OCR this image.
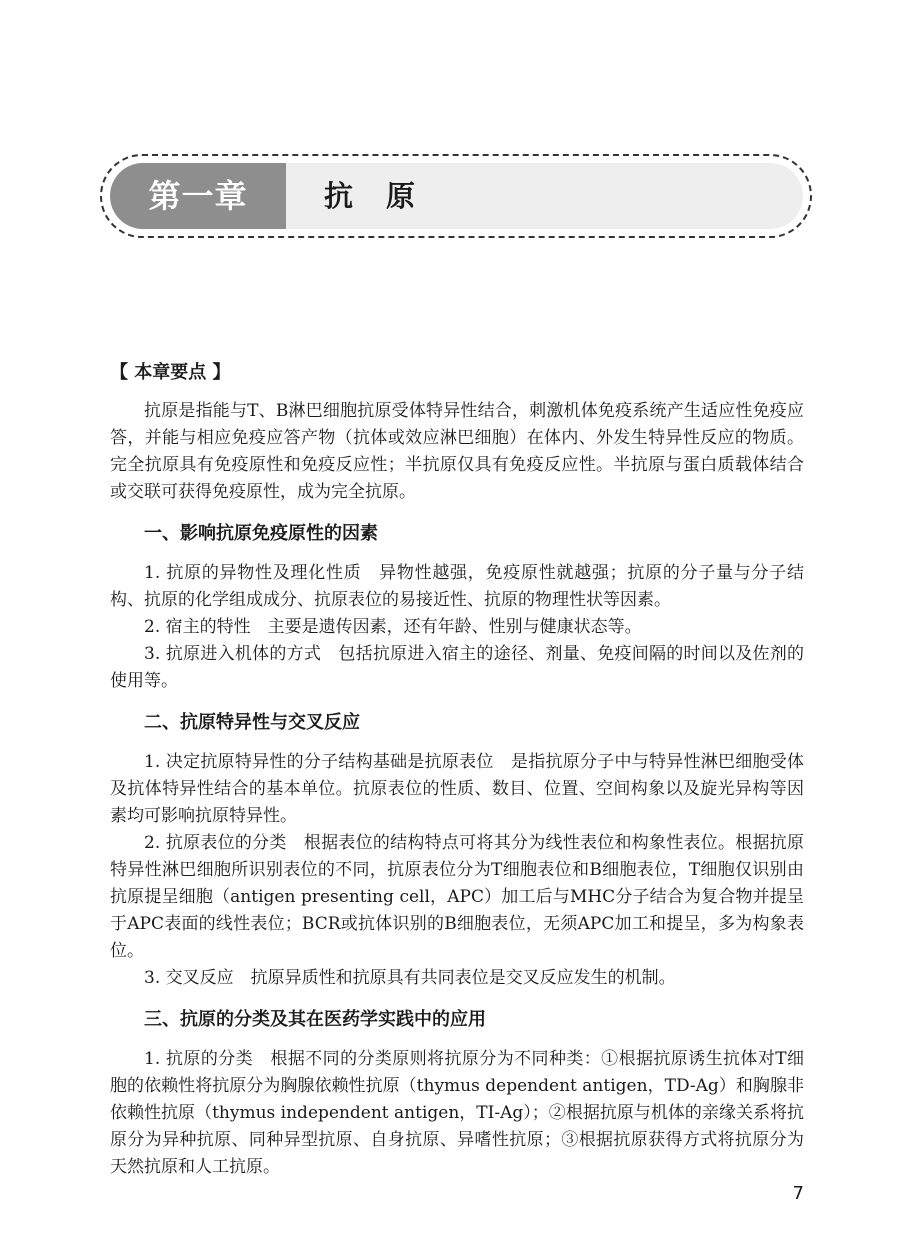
第一章	抗　原
【 本章要点 】

抗原是指能与T、B淋巴细胞抗原受体特异性结合，刺激机体免疫系统产生适应性免疫应答，并能与相应免疫应答产物（抗体或效应淋巴细胞）在体内、外发生特异性反应的物质。完全抗原具有免疫原性和免疫反应性；半抗原仅具有免疫反应性。半抗原与蛋白质载体结合或交联可获得免疫原性，成为完全抗原。

一、影响抗原免疫原性的因素

1. 抗原的异物性及理化性质　异物性越强，免疫原性就越强；抗原的分子量与分子结构、抗原的化学组成成分、抗原表位的易接近性、抗原的物理性状等因素。

2. 宿主的特性　主要是遗传因素，还有年龄、性别与健康状态等。

3. 抗原进入机体的方式　包括抗原进入宿主的途径、剂量、免疫间隔的时间以及佐剂的使用等。

二、抗原特异性与交叉反应

1. 决定抗原特异性的分子结构基础是抗原表位　是指抗原分子中与特异性淋巴细胞受体及抗体特异性结合的基本单位。抗原表位的性质、数目、位置、空间构象以及旋光异构等因素均可影响抗原特异性。

2. 抗原表位的分类　根据表位的结构特点可将其分为线性表位和构象性表位。根据抗原特异性淋巴细胞所识别表位的不同，抗原表位分为T细胞表位和B细胞表位，T细胞仅识别由抗原提呈细胞（antigen presenting cell，APC）加工后与MHC分子结合为复合物并提呈于APC表面的线性表位；BCR或抗体识别的B细胞表位，无须APC加工和提呈，多为构象表位。

3. 交叉反应　抗原异质性和抗原具有共同表位是交叉反应发生的机制。

三、抗原的分类及其在医药学实践中的应用

1. 抗原的分类　根据不同的分类原则将抗原分为不同种类：①根据抗原诱生抗体对T细胞的依赖性将抗原分为胸腺依赖性抗原（thymus dependent antigen，TD-Ag）和胸腺非依赖性抗原（thymus independent antigen，TI-Ag）；②根据抗原与机体的亲缘关系将抗原分为异种抗原、同种异型抗原、自身抗原、异嗜性抗原；③根据抗原获得方式将抗原分为天然抗原和人工抗原。

7
